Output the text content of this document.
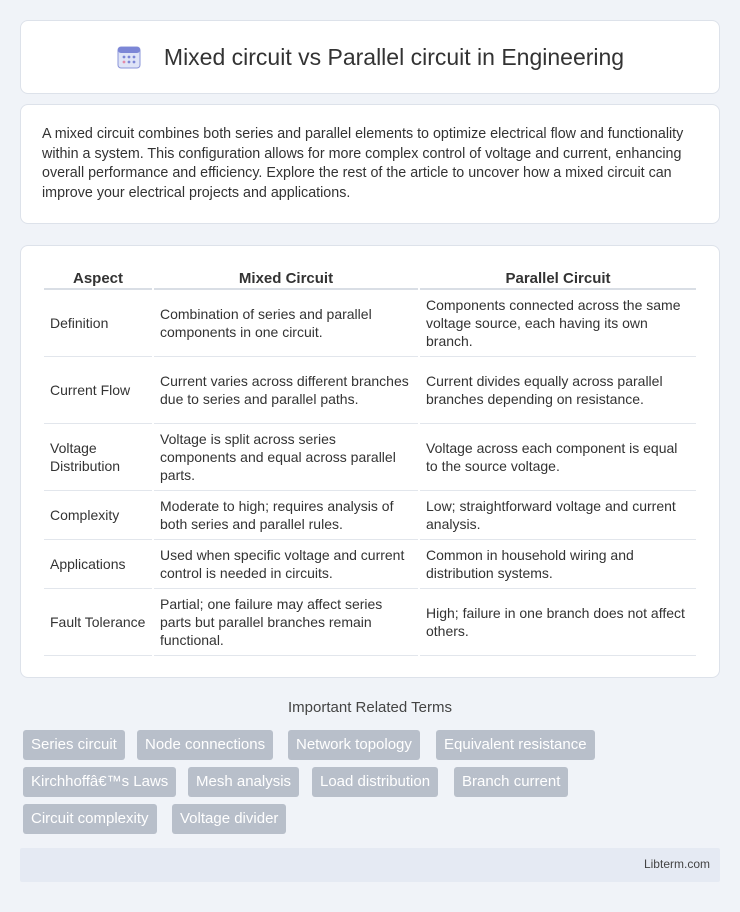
Mixed circuit vs Parallel circuit in Engineering

A mixed circuit combines both series and parallel elements to optimize electrical flow and functionality within a system. This configuration allows for more complex control of voltage and current, enhancing overall performance and efficiency. Explore the rest of the article to uncover how a mixed circuit can improve your electrical projects and applications.

Aspect	Mixed Circuit	Parallel Circuit
Definition	Combination of series and parallel components in one circuit.	Components connected across the same voltage source, each having its own branch.
Current Flow	Current varies across different branches due to series and parallel paths.	Current divides equally across parallel branches depending on resistance.
Voltage Distribution	Voltage is split across series components and equal across parallel parts.	Voltage across each component is equal to the source voltage.
Complexity	Moderate to high; requires analysis of both series and parallel rules.	Low; straightforward voltage and current analysis.
Applications	Used when specific voltage and current control is needed in circuits.	Common in household wiring and distribution systems.
Fault Tolerance	Partial; one failure may affect series parts but parallel branches remain functional.	High; failure in one branch does not affect others.
Important Related Terms
Series circuit	Node connections	Network topology	Equivalent resistance
Kirchhoffâ€™s Laws	Mesh analysis	Load distribution	Branch current
Circuit complexity	Voltage divider
Libterm.com
